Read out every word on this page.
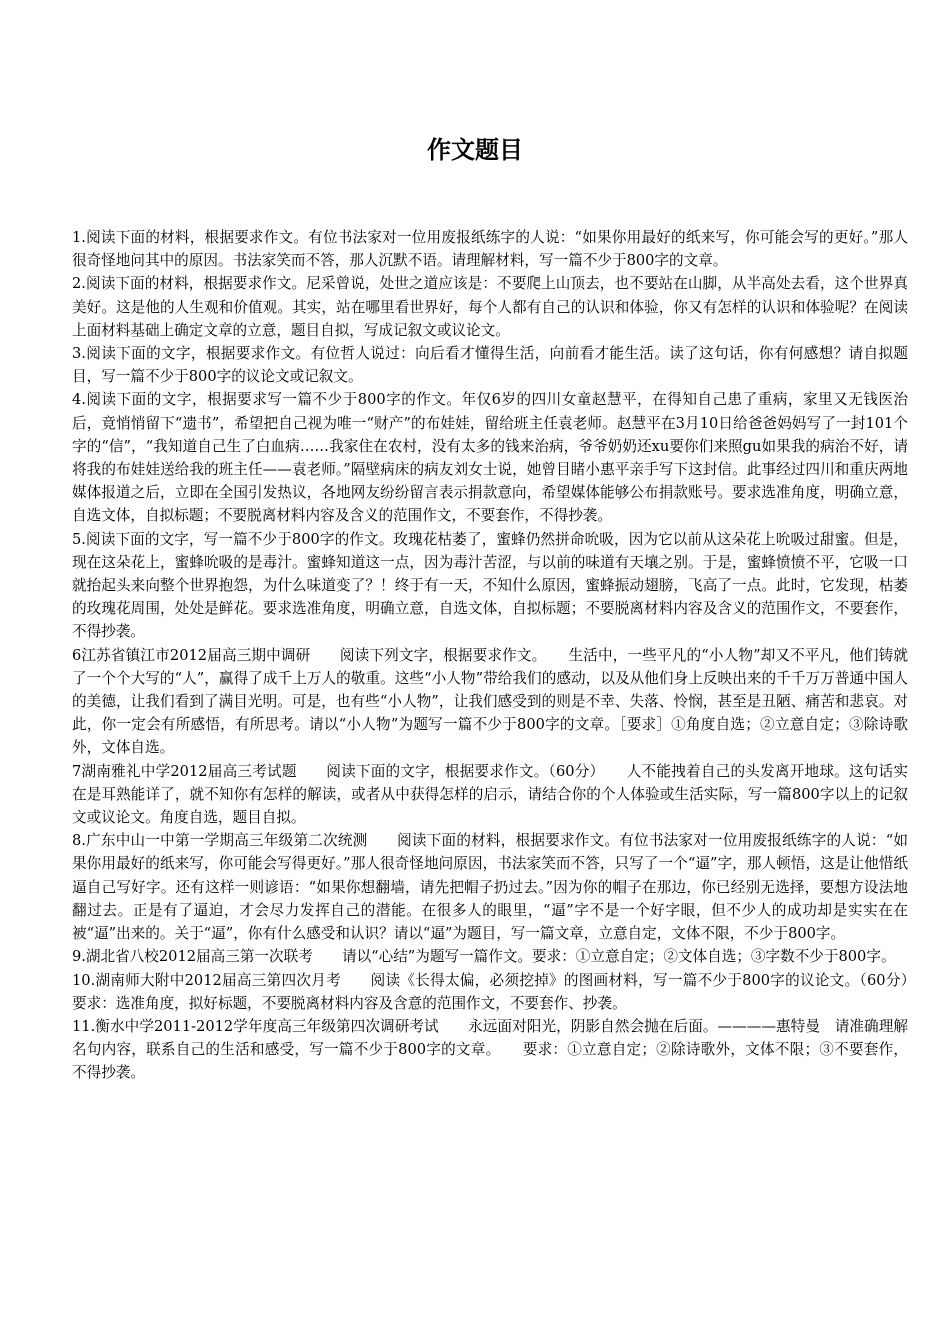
作文题目

1.阅读下面的材料，根据要求作文。有位书法家对一位用废报纸练字的人说：“如果你用最好的纸来写，你可能会写的更好。”那人很奇怪地问其中的原因。书法家笑而不答，那人沉默不语。请理解材料，写一篇不少于800字的文章。

2.阅读下面的材料，根据要求作文。尼采曾说，处世之道应该是：不要爬上山顶去，也不要站在山脚，从半高处去看，这个世界真美好。这是他的人生观和价值观。其实，站在哪里看世界好，每个人都有自己的认识和体验，你又有怎样的认识和体验呢？在阅读上面材料基础上确定文章的立意，题目自拟，写成记叙文或议论文。

3.阅读下面的文字，根据要求作文。有位哲人说过：向后看才懂得生活，向前看才能生活。读了这句话，你有何感想？请自拟题目，写一篇不少于800字的议论文或记叙文。

4.阅读下面的文字，根据要求写一篇不少于800字的作文。年仅6岁的四川女童赵慧平，在得知自己患了重病，家里又无钱医治后，竟悄悄留下“遗书”，希望把自己视为唯一“财产”的布娃娃，留给班主任袁老师。赵慧平在3月10日给爸爸妈妈写了一封101个字的“信”，“我知道自己生了白血病……我家住在农村，没有太多的钱来治病，爷爷奶奶还xu要你们来照gu如果我的病治不好，请将我的布娃娃送给我的班主任——袁老师。”隔壁病床的病友刘女士说，她曾目睹小惠平亲手写下这封信。此事经过四川和重庆两地媒体报道之后，立即在全国引发热议，各地网友纷纷留言表示捐款意向，希望媒体能够公布捐款账号。要求选准角度，明确立意，自选文体，自拟标题；不要脱离材料内容及含义的范围作文，不要套作，不得抄袭。

5.阅读下面的文字，写一篇不少于800字的作文。玫瑰花枯萎了，蜜蜂仍然拼命吮吸，因为它以前从这朵花上吮吸过甜蜜。但是，现在这朵花上，蜜蜂吮吸的是毒汁。蜜蜂知道这一点，因为毒汁苦涩，与以前的味道有天壤之别。于是，蜜蜂愤愤不平，它吸一口就抬起头来向整个世界抱怨，为什么味道变了？！终于有一天，不知什么原因，蜜蜂振动翅膀，飞高了一点。此时，它发现，枯萎的玫瑰花周围，处处是鲜花。要求选准角度，明确立意，自选文体，自拟标题；不要脱离材料内容及含义的范围作文，不要套作，不得抄袭。

6江苏省镇江市2012届高三期中调研　　阅读下列文字，根据要求作文。　　生活中，一些平凡的“小人物”却又不平凡，他们铸就了一个个大写的“人”，赢得了成千上万人的敬重。这些“小人物”带给我们的感动，以及从他们身上反映出来的千千万万普通中国人的美德，让我们看到了满目光明。可是，也有些“小人物”，让我们感受到的则是不幸、失落、怜悯，甚至是丑陋、痛苦和悲哀。对此，你一定会有所感悟，有所思考。请以“小人物”为题写一篇不少于800字的文章。［要求］①角度自选；②立意自定；③除诗歌外，文体自选。

7湖南雅礼中学2012届高三考试题　　阅读下面的文字，根据要求作文。（60分）　　人不能拽着自己的头发离开地球。这句话实在是耳熟能详了，就不知你有怎样的解读，或者从中获得怎样的启示，请结合你的个人体验或生活实际，写一篇800字以上的记叙文或议论文。角度自选，题目自拟。

8.广东中山一中第一学期高三年级第二次统测　　阅读下面的材料，根据要求作文。有位书法家对一位用废报纸练字的人说：“如果你用最好的纸来写，你可能会写得更好。”那人很奇怪地问原因，书法家笑而不答，只写了一个“逼”字，那人顿悟，这是让他惜纸逼自己写好字。还有这样一则谚语：“如果你想翻墙，请先把帽子扔过去。”因为你的帽子在那边，你已经别无选择，要想方设法地翻过去。正是有了逼迫，才会尽力发挥自己的潜能。在很多人的眼里，“逼”字不是一个好字眼，但不少人的成功却是实实在在被“逼”出来的。关于“逼”，你有什么感受和认识？请以“逼”为题目，写一篇文章，立意自定，文体不限，不少于800字。

9.湖北省八校2012届高三第一次联考　　请以“心结”为题写一篇作文。要求：①立意自定；②文体自选；③字数不少于800字。

10.湖南师大附中2012届高三第四次月考　　阅读《长得太偏，必须挖掉》的图画材料，写一篇不少于800字的议论文。（60分）　　要求：选准角度，拟好标题，不要脱离材料内容及含意的范围作文，不要套作、抄袭。

11.衡水中学2011-2012学年度高三年级第四次调研考试　　永远面对阳光，阴影自然会抛在后面。————惠特曼　请准确理解名句内容，联系自己的生活和感受，写一篇不少于800字的文章。　　要求：①立意自定；②除诗歌外，文体不限；③不要套作，不得抄袭。
